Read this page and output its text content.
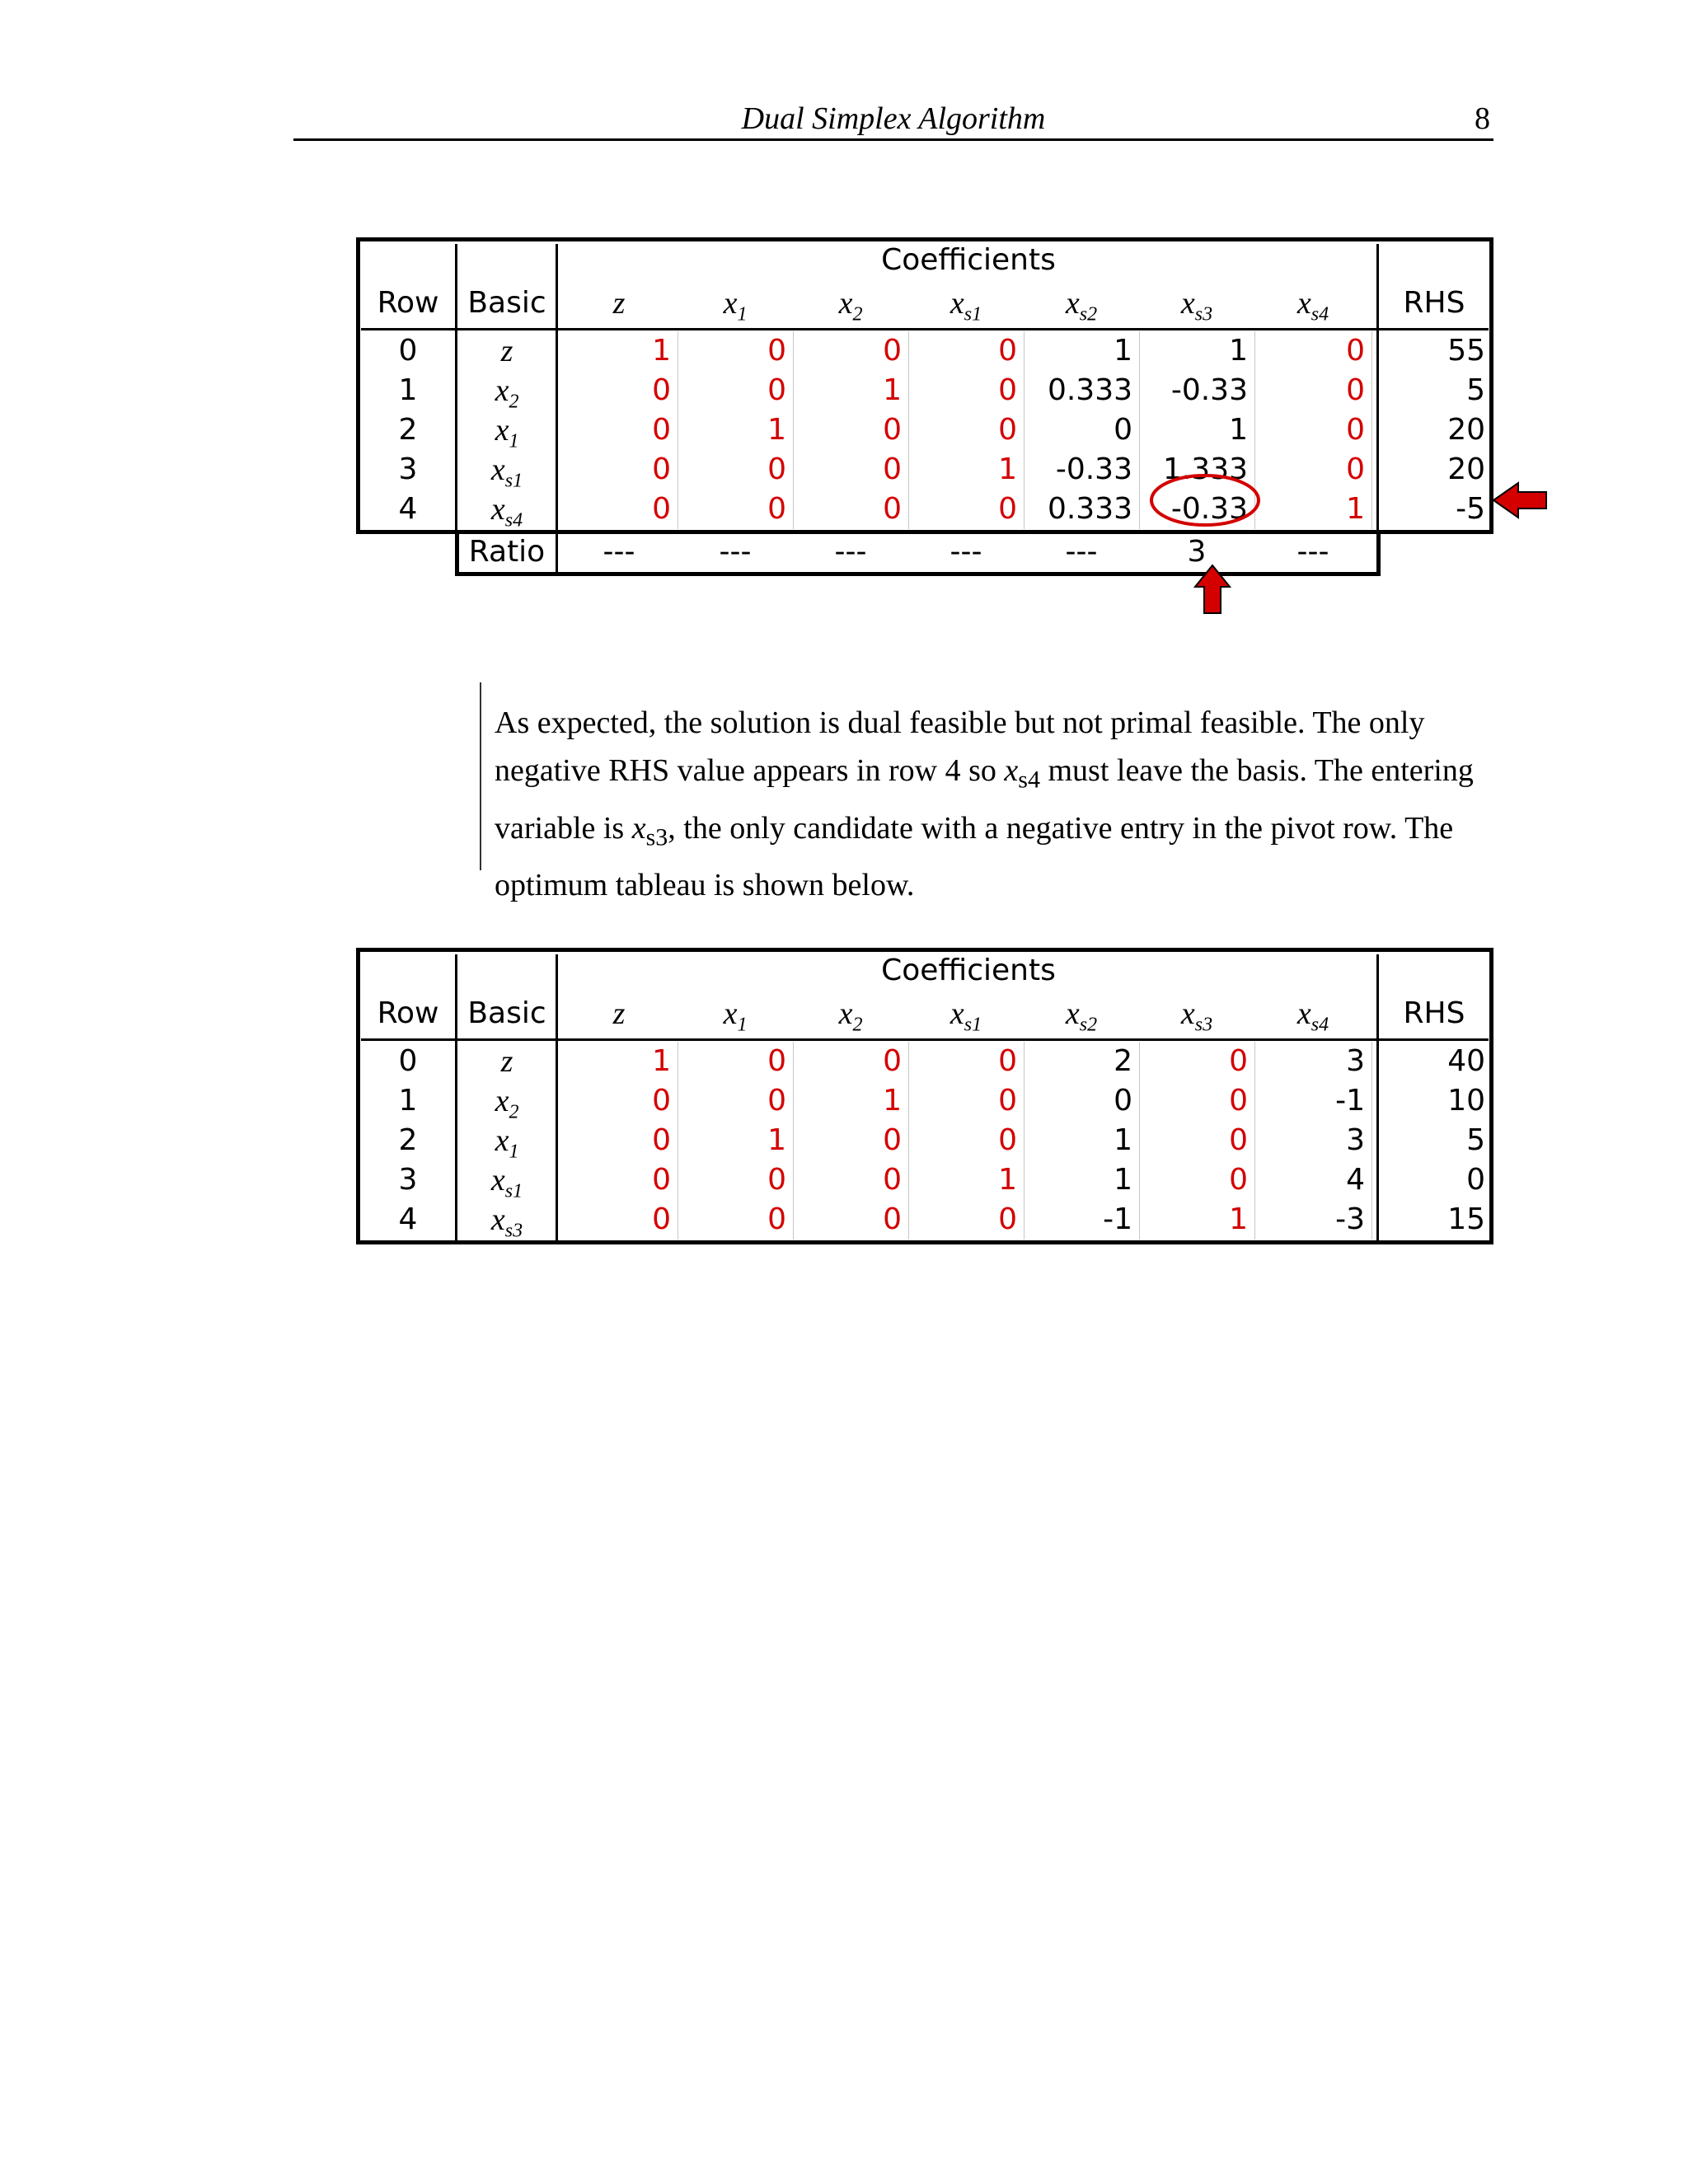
Dual Simplex Algorithm	8
Coefficients
Row Basic	RHS
z	$x_1$	$x_2$	$x_{s1}$	$x_{s2}$	$x_{s3}$	$x_{s4}$
0	z	1	0	0	0	1	1	0	55
1	$x_2$	0	0	1	0	0.333	-0.33	0	5
2	$x_1$	0	1	0	0	0	1	0	20
3	$x_{s1}$	0	0	0	1	-0.33	1.333	0	20
4	$x_{s4}$	0	0	0	0	0.333	-0.33	1	-5
Ratio	---	---	---	---	---	3	---
As expected, the solution is dual feasible but not primal feasible. The only negative RHS value appears in row 4 so $x_{s4}$ must leave the basis. The entering variable is $x_{s3}$, the only candidate with a negative entry in the pivot row. The optimum tableau is shown below.
Coefficients
Row Basic	RHS
z	$x_1$	$x_2$	$x_{s1}$	$x_{s2}$	$x_{s3}$	$x_{s4}$
0	z	1	0	0	0	2	0	3	40
1	$x_2$	0	0	1	0	0	0	-1	10
2	$x_1$	0	1	0	0	1	0	3	5
3	$x_{s1}$	0	0	0	1	1	0	4	0
4	$x_{s3}$	0	0	0	0	-1	1	-3	15
